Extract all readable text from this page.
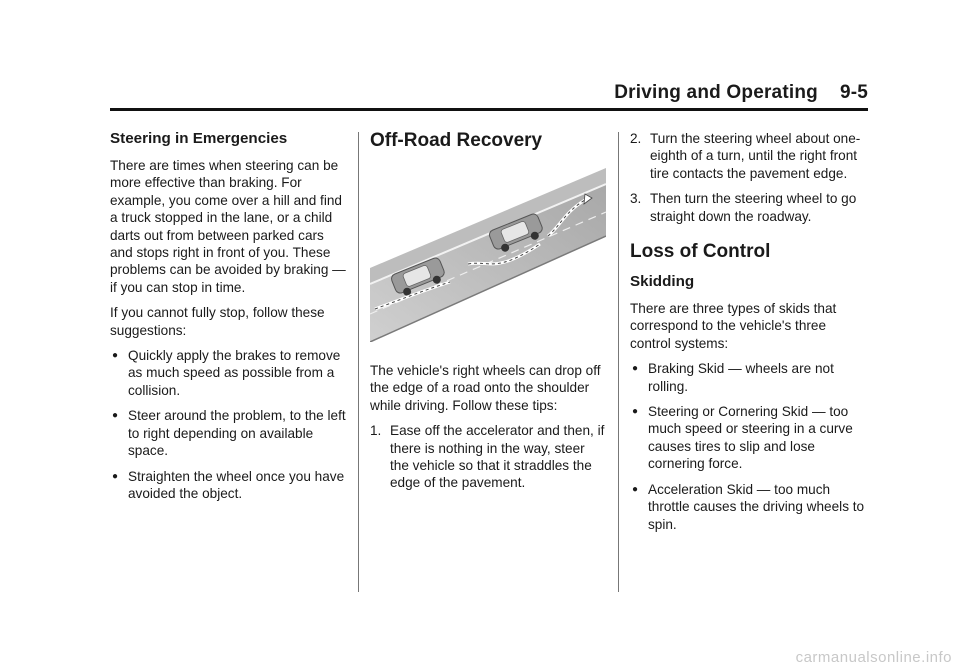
Driving and Operating 9-5
Steering in Emergencies

There are times when steering can be more effective than braking. For example, you come over a hill and find a truck stopped in the lane, or a child darts out from between parked cars and stops right in front of you. These problems can be avoided by braking — if you can stop in time.

If you cannot fully stop, follow these suggestions:

● Quickly apply the brakes to remove as much speed as possible from a collision.
● Steer around the problem, to the left to right depending on available space.
● Straighten the wheel once you have avoided the object.
Off-Road Recovery

The vehicle's right wheels can drop off the edge of a road onto the shoulder while driving. Follow these tips:

1. Ease off the accelerator and then, if there is nothing in the way, steer the vehicle so that it straddles the edge of the pavement.
2. Turn the steering wheel about one-eighth of a turn, until the right front tire contacts the pavement edge.
3. Then turn the steering wheel to go straight down the roadway.
Loss of Control
Skidding

There are three types of skids that correspond to the vehicle's three control systems:

● Braking Skid — wheels are not rolling.
● Steering or Cornering Skid — too much speed or steering in a curve causes tires to slip and lose cornering force.
● Acceleration Skid — too much throttle causes the driving wheels to spin.
carmanualsonline.info
